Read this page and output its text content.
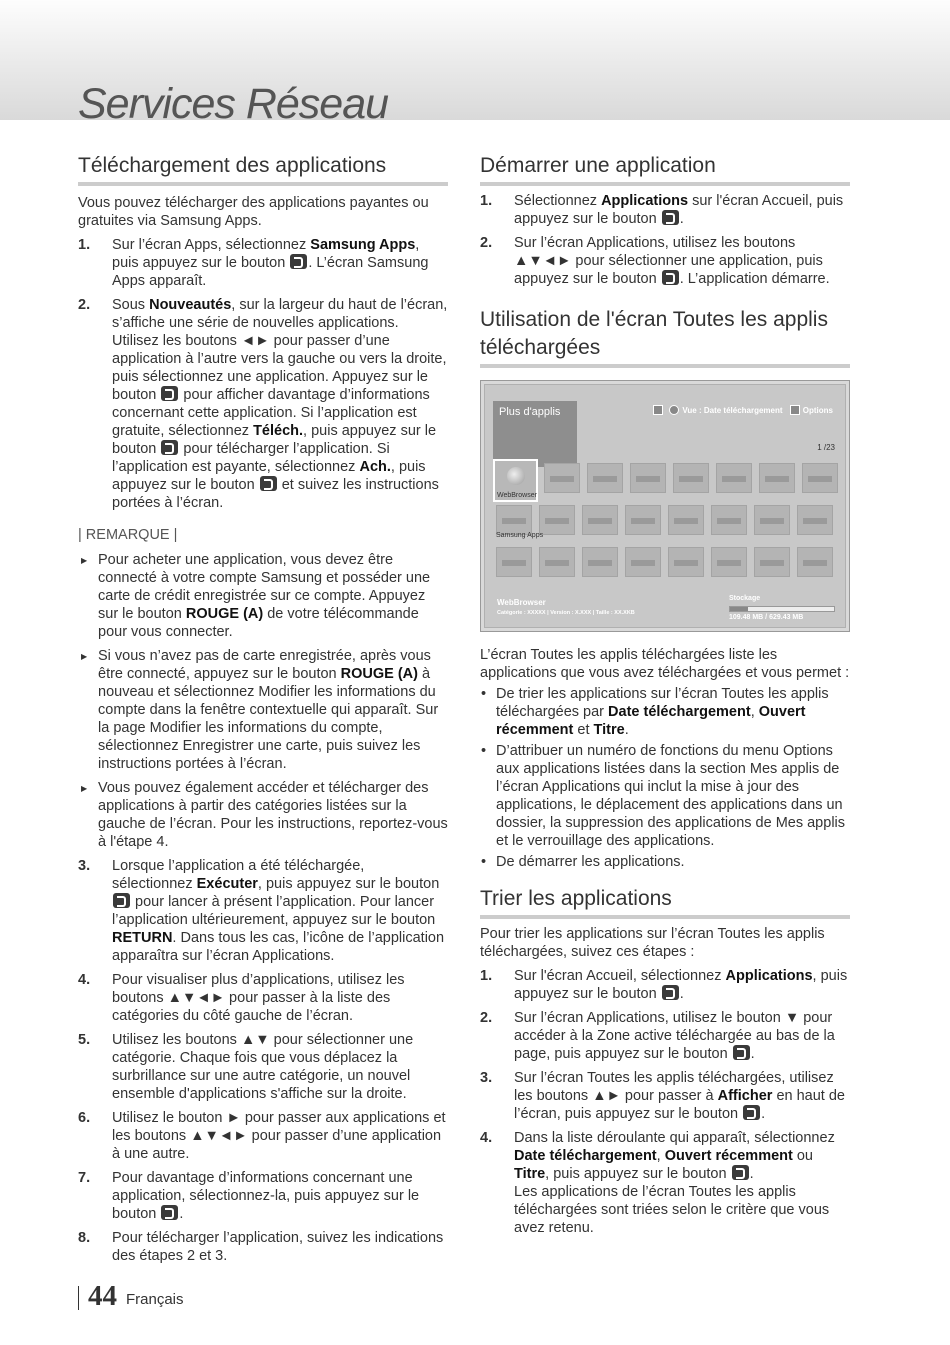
Services Réseau
Téléchargement des applications

Vous pouvez télécharger des applications payantes ou gratuites via Samsung Apps.

1. Sur l’écran Apps, sélectionnez Samsung Apps, puis appuyez sur le bouton . L’écran Samsung Apps apparaît.
2. Sous Nouveautés, sur la largeur du haut de l’écran, s’affiche une série de nouvelles applications. Utilisez les boutons ◄► pour passer d’une application à l’autre vers la gauche ou vers la droite, puis sélectionnez une application. Appuyez sur le bouton  pour afficher davantage d’informations concernant cette application. Si l’application est gratuite, sélectionnez Téléch., puis appuyez sur le bouton  pour télécharger l’application. Si l’application est payante, sélectionnez Ach., puis appuyez sur le bouton  et suivez les instructions portées à l’écran.
| REMARQUE |
▶ Pour acheter une application, vous devez être connecté à votre compte Samsung et posséder une carte de crédit enregistrée sur ce compte. Appuyez sur le bouton ROUGE (A) de votre télécommande pour vous connecter.
▶ Si vous n’avez pas de carte enregistrée, après vous être connecté, appuyez sur le bouton ROUGE (A) à nouveau et sélectionnez Modifier les informations du compte dans la fenêtre contextuelle qui apparaît. Sur la page Modifier les informations du compte, sélectionnez Enregistrer une carte, puis suivez les instructions portées à l’écran.
▶ Vous pouvez également accéder et télécharger des applications à partir des catégories listées sur la gauche de l’écran. Pour les instructions, reportez-vous à l'étape 4.
3. Lorsque l’application a été téléchargée, sélectionnez Exécuter, puis appuyez sur le bouton  pour lancer à présent l’application. Pour lancer l’application ultérieurement, appuyez sur le bouton RETURN. Dans tous les cas, l’icône de l’application apparaîtra sur l’écran Applications.
4. Pour visualiser plus d’applications, utilisez les boutons ▲▼◄► pour passer à la liste des catégories du côté gauche de l’écran.
5. Utilisez les boutons ▲▼ pour sélectionner une catégorie. Chaque fois que vous déplacez la surbrillance sur une autre catégorie, un nouvel ensemble d'applications s'affiche sur la droite.
6. Utilisez le bouton ► pour passer aux applications et les boutons ▲▼◄► pour passer d’une application à une autre.
7. Pour davantage d’informations concernant une application, sélectionnez-la, puis appuyez sur le bouton .
8. Pour télécharger l’application, suivez les indications des étapes 2 et 3.
Démarrer une application
1. Sélectionnez Applications sur l'écran Accueil, puis appuyez sur le bouton .
2. Sur l’écran Applications, utilisez les boutons ▲▼◄► pour sélectionner une application, puis appuyez sur le bouton . L’application démarre.
Utilisation de l'écran Toutes les applis téléchargées
Plus d'applis	Vue : Date téléchargement	Options
1 /23
WebBrowser
Samsung Apps
WebBrowser
Catégorie : XXXXX | Version : X.XXX | Taille : XX.XKB
Stockage
109.48 MB / 629.43 MB

L’écran Toutes les applis téléchargées liste les applications que vous avez téléchargées et vous permet :

• De trier les applications sur l’écran Toutes les applis téléchargées par Date téléchargement, Ouvert récemment et Titre.
• D’attribuer un numéro de fonctions du menu Options aux applications listées dans la section Mes applis de l’écran Applications qui inclut la mise à jour des applications, le déplacement des applications dans un dossier, la suppression des applications de Mes applis et le verrouillage des applications.
• De démarrer les applications.
Trier les applications

Pour trier les applications sur l’écran Toutes les applis téléchargées, suivez ces étapes :

1. Sur l'écran Accueil, sélectionnez Applications, puis appuyez sur le bouton .
2. Sur l’écran Applications, utilisez le bouton ▼ pour accéder à la Zone active téléchargée au bas de la page, puis appuyez sur le bouton .
3. Sur l’écran Toutes les applis téléchargées, utilisez les boutons ▲► pour passer à Afficher en haut de l’écran, puis appuyez sur le bouton .
4. Dans la liste déroulante qui apparaît, sélectionnez Date téléchargement, Ouvert récemment ou Titre, puis appuyez sur le bouton .
Les applications de l’écran Toutes les applis téléchargées sont triées selon le critère que vous avez retenu.
44 Français
